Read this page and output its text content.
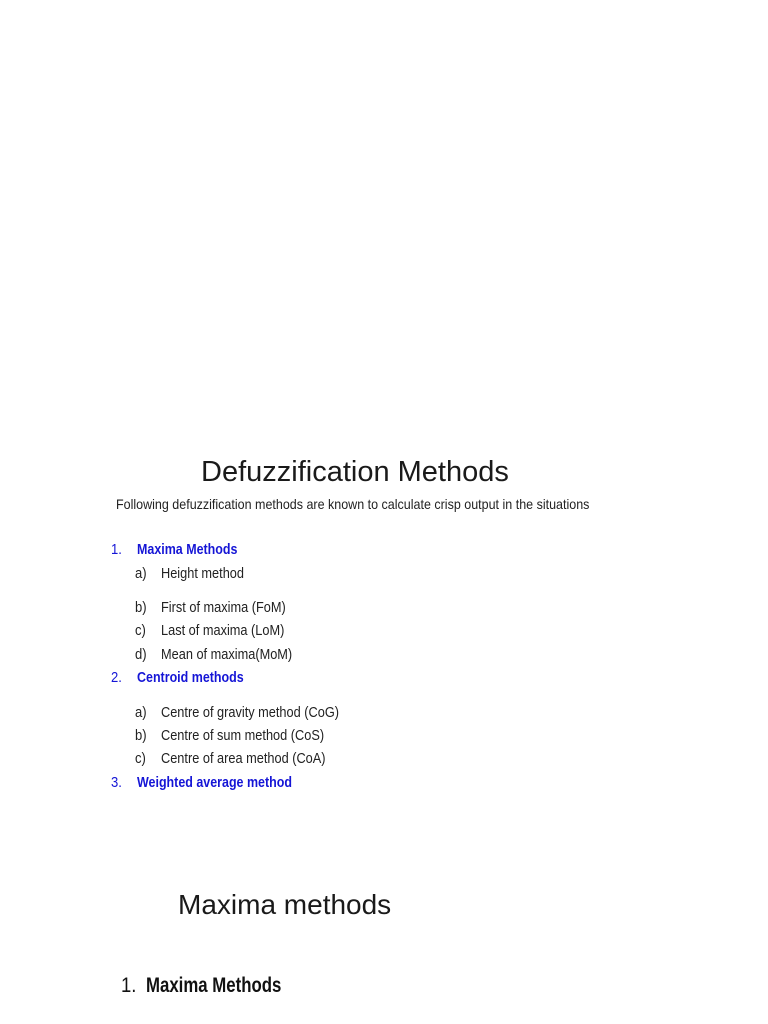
Defuzzification Methods
Following defuzzification methods are known to calculate crisp output in the situations
1. Maxima Methods
a) Height method
b) First of maxima (FoM)
c) Last of maxima (LoM)
d) Mean of maxima(MoM)
2. Centroid methods
a) Centre of gravity method (CoG)
b) Centre of sum method (CoS)
c) Centre of area method (CoA)
3. Weighted average method
Maxima methods
1. Maxima Methods
